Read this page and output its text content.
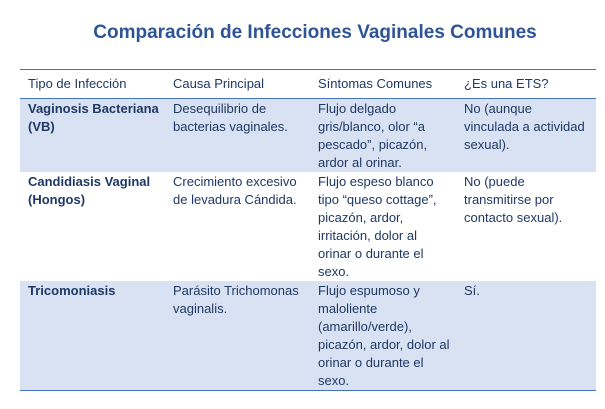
Comparación de Infecciones Vaginales Comunes
Tipo de Infección	Causa Principal	Síntomas Comunes	¿Es una ETS?
Vaginosis Bacteriana (VB)	Desequilibrio de bacterias vaginales.	Flujo delgado gris/blanco, olor “a pescado”, picazón, ardor al orinar.	No (aunque vinculada a actividad sexual).
Candidiasis Vaginal (Hongos)	Crecimiento excesivo de levadura Cándida.	Flujo espeso blanco tipo “queso cottage”, picazón, ardor, irritación, dolor al orinar o durante el sexo.	No (puede transmitirse por contacto sexual).
Tricomoniasis	Parásito Trichomonas vaginalis.	Flujo espumoso y maloliente (amarillo/verde), picazón, ardor, dolor al orinar o durante el sexo.	Sí.
